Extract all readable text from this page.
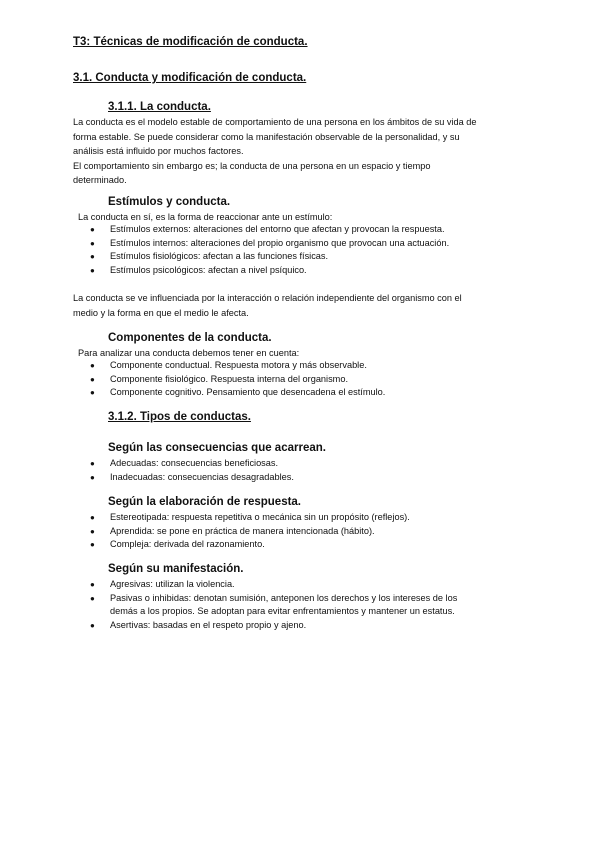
T3: Técnicas de modificación de conducta.
3.1. Conducta y modificación de conducta.
3.1.1. La conducta.
La conducta es el modelo estable de comportamiento de una persona en los ámbitos de su vida de
forma estable. Se puede considerar como la manifestación observable de la personalidad, y su
análisis está influido por muchos factores.
El comportamiento sin embargo es; la conducta de una persona en un espacio y tiempo
determinado.
Estímulos y conducta.
La conducta en sí, es la forma de reaccionar ante un estímulo:
● Estímulos externos: alteraciones del entorno que afectan y provocan la respuesta.
● Estímulos internos: alteraciones del propio organismo que provocan una actuación.
● Estímulos fisiológicos: afectan a las funciones físicas.
● Estímulos psicológicos: afectan a nivel psíquico.
La conducta se ve influenciada por la interacción o relación independiente del organismo con el
medio y la forma en que el medio le afecta.
Componentes de la conducta.
Para analizar una conducta debemos tener en cuenta:
● Componente conductual. Respuesta motora y más observable.
● Componente fisiológico. Respuesta interna del organismo.
● Componente cognitivo. Pensamiento que desencadena el estímulo.
3.1.2. Tipos de conductas.
Según las consecuencias que acarrean.
● Adecuadas: consecuencias beneficiosas.
● Inadecuadas: consecuencias desagradables.
Según la elaboración de respuesta.
● Estereotipada: respuesta repetitiva o mecánica sin un propósito (reflejos).
● Aprendida: se pone en práctica de manera intencionada (hábito).
● Compleja: derivada del razonamiento.
Según su manifestación.
● Agresivas: utilizan la violencia.
● Pasivas o inhibidas: denotan sumisión, anteponen los derechos y los intereses de los
demás a los propios. Se adoptan para evitar enfrentamientos y mantener un estatus.
● Asertivas: basadas en el respeto propio y ajeno.
